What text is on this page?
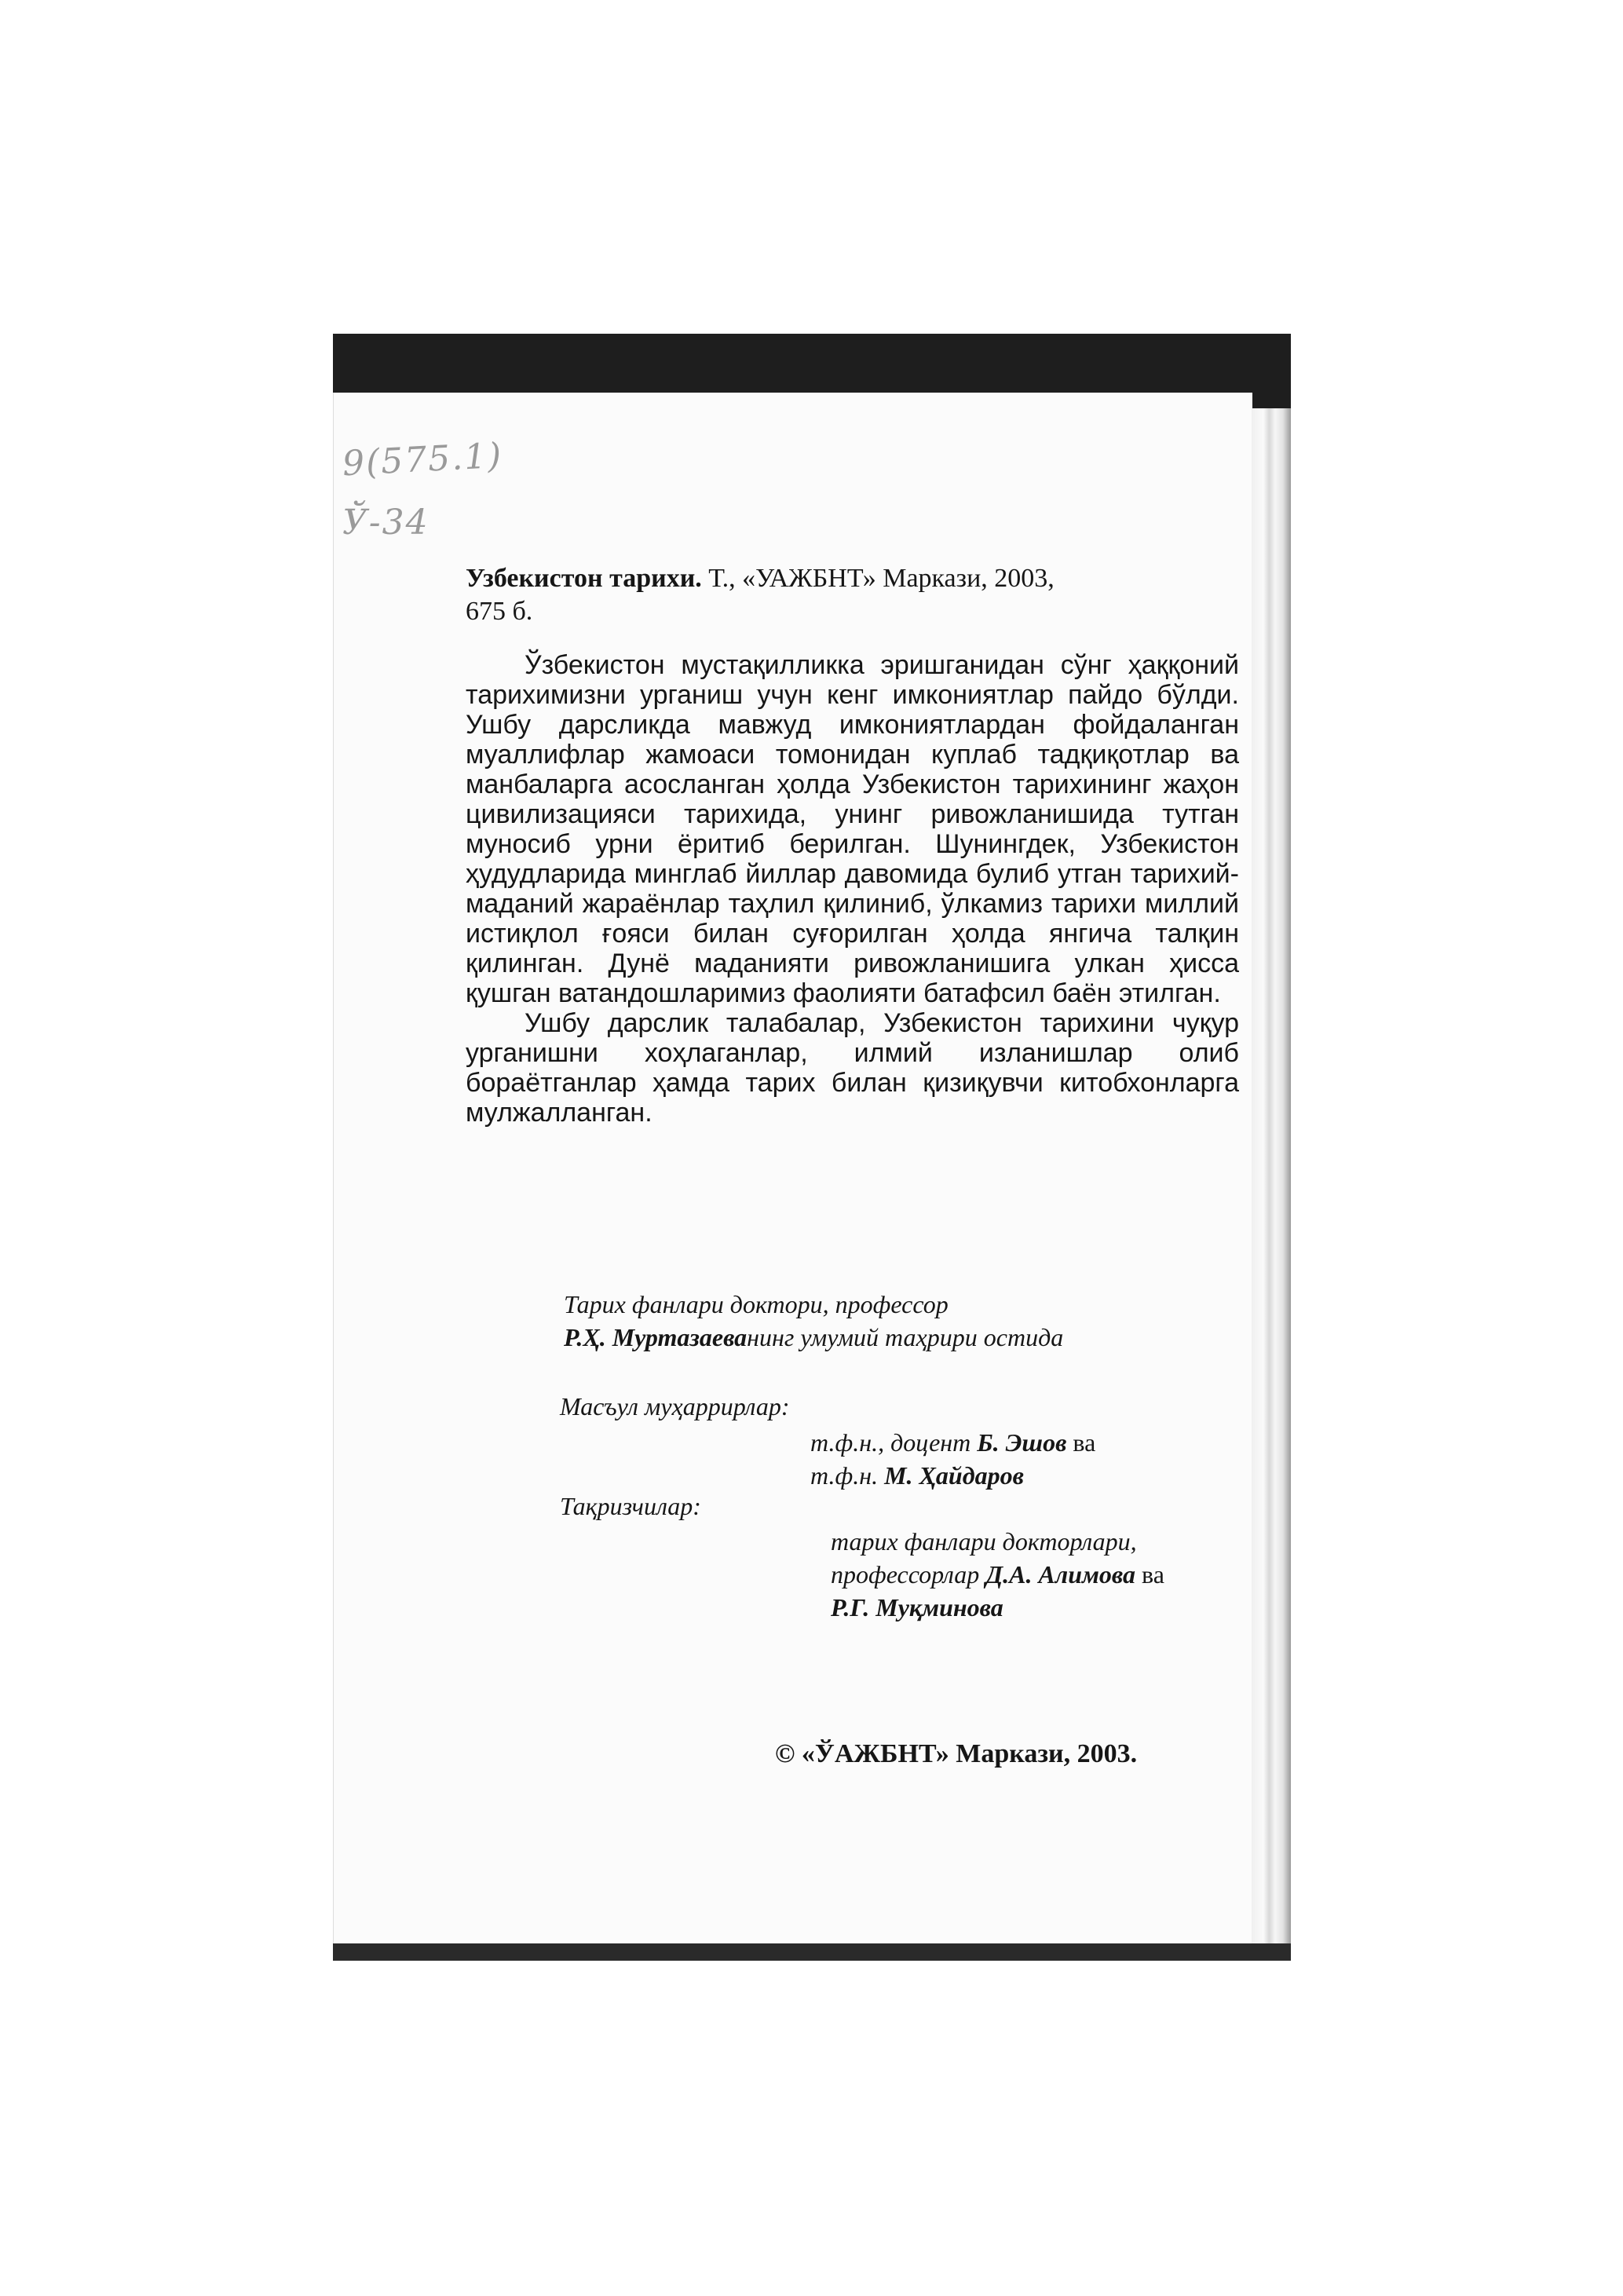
9(575.1)
Ў-34
Узбекистон тарихи. Т., «УАЖБНТ» Маркази, 2003,
675 б.

Ўзбекистон мустақилликка эришганидан сўнг ҳаққоний тарихимизни урганиш учун кенг имкониятлар пайдо бўлди. Ушбу дарсликда мавжуд имкониятлардан фойдаланган муаллифлар жамоаси томонидан куплаб тадқиқотлар ва манбаларга асосланган ҳолда Узбекистон тарихининг жаҳон цивилизацияси тарихида, унинг ривожланишида тутган муносиб урни ёритиб берилган. Шунингдек, Узбекистон ҳудудларида минглаб йиллар давомида булиб утган тарихий-маданий жараёнлар таҳлил қилиниб, ўлкамиз тарихи миллий истиқлол ғояси билан суғорилган ҳолда янгича талқин қилинган. Дунё маданияти ривожланишига улкан ҳисса қушган ватандошларимиз фаолияти батафсил баён этилган.

Ушбу дарслик талабалар, Узбекистон тарихини чуқур урганишни хоҳлаганлар, илмий изланишлар олиб бораётганлар ҳамда тарих билан қизиқувчи китобхонларга мулжалланган.

Тарих фанлари доктори, профессор
Р.Ҳ. Муртазаеванинг умумий таҳрири остида
Масъул муҳаррирлар:
т.ф.н., доцент Б. Эшов ва
т.ф.н. М. Ҳайдаров
Тақризчилар:
тарих фанлари докторлари,
профессорлар Д.А. Алимова ва
Р.Г. Муқминова
© «ЎАЖБНТ» Маркази, 2003.
